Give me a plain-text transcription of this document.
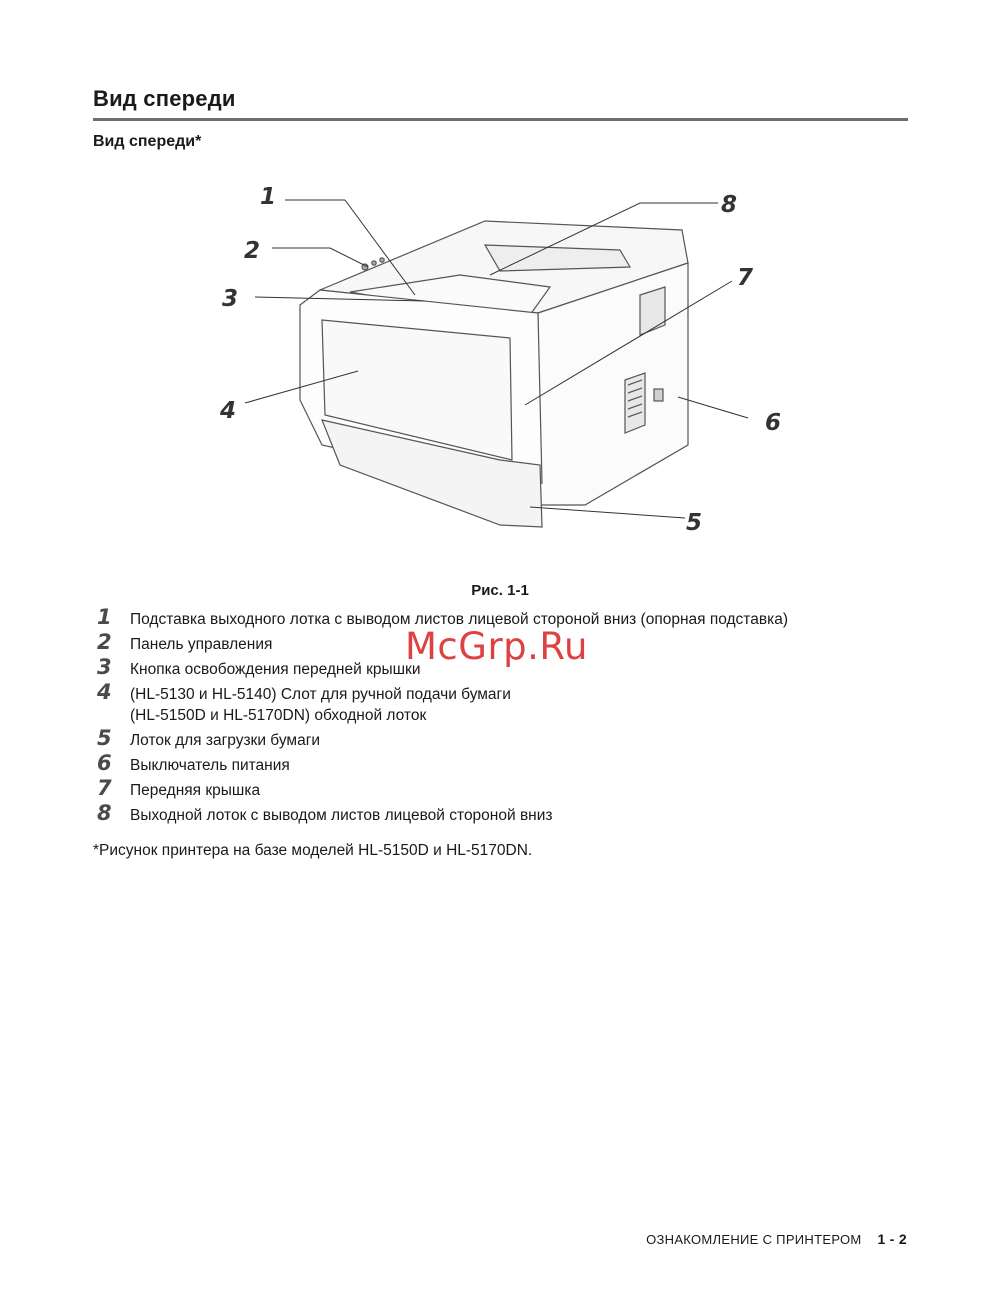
Вид спереди
Вид спереди*
1
2
3
4
5
6
7
8
Рис. 1-1
1 Подставка выходного лотка с выводом листов лицевой стороной вниз (опорная подставка)
2 Панель управления
3 Кнопка освобождения передней крышки
4 (HL-5130 и HL-5140) Слот для ручной подачи бумаги
(HL-5150D и HL-5170DN) обходной лоток
5 Лоток для загрузки бумаги
6 Выключатель питания
7 Передняя крышка
8 Выходной лоток с выводом листов лицевой стороной вниз
*Рисунок принтера на базе моделей HL-5150D и HL-5170DN.
McGrp.Ru
ОЗНАКОМЛЕНИЕ С ПРИНТЕРОМ 1 - 2
